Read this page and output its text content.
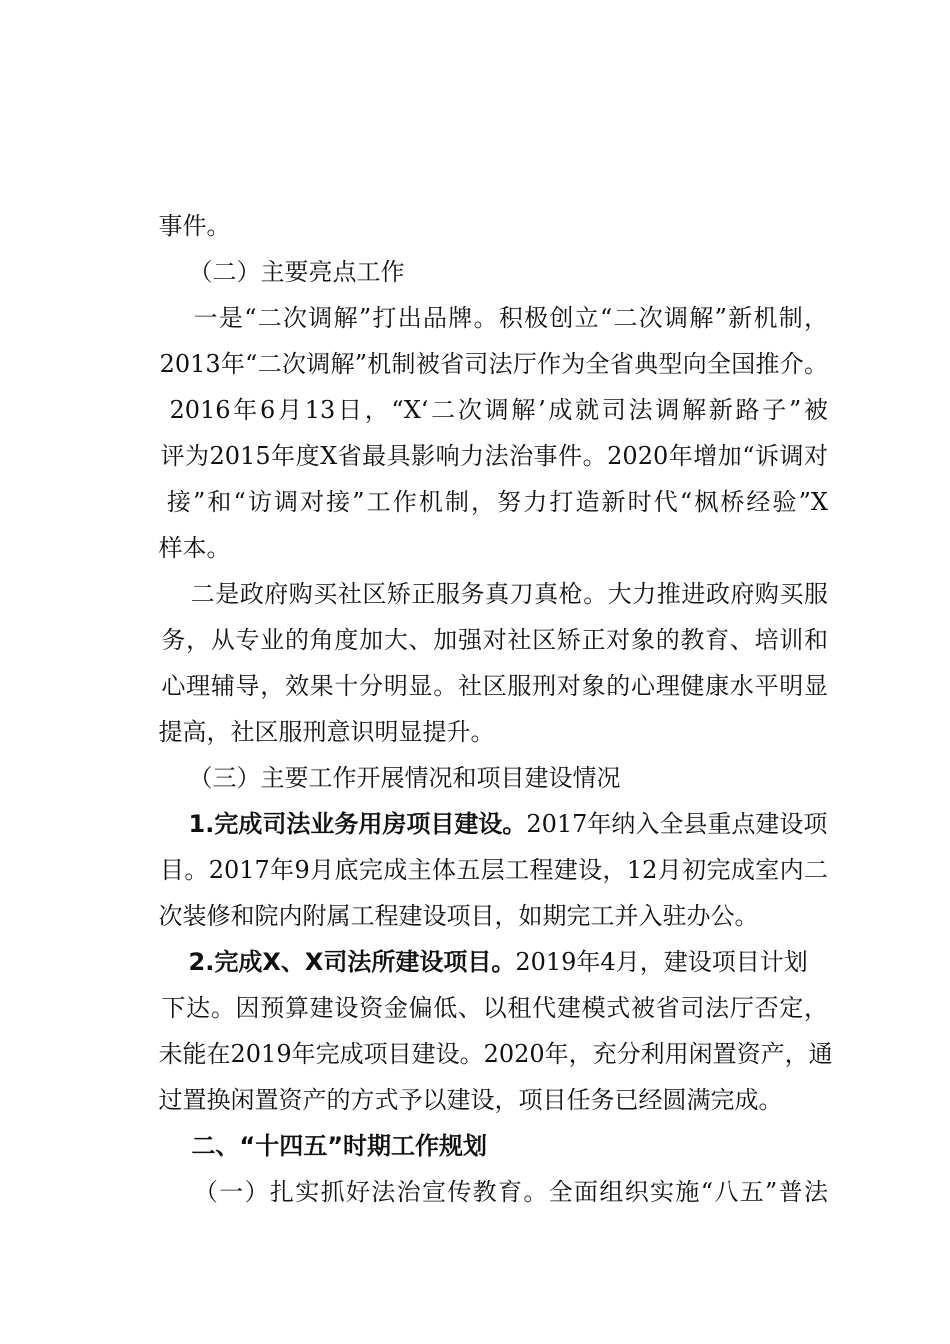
事件。

（二）主要亮点工作

一是“二次调解”打出品牌。积极创立“二次调解”新机制，

2013年“二次调解”机制被省司法厅作为全省典型向全国推介。

2016年6月13日，“X‘二次调解’成就司法调解新路子”被

评为2015年度X省最具影响力法治事件。2020年增加“诉调对

接”和“访调对接”工作机制，努力打造新时代“枫桥经验”X

样本。

二是政府购买社区矫正服务真刀真枪。大力推进政府购买服

务，从专业的角度加大、加强对社区矫正对象的教育、培训和

心理辅导，效果十分明显。社区服刑对象的心理健康水平明显

提高，社区服刑意识明显提升。

（三）主要工作开展情况和项目建设情况

1.完成司法业务用房项目建设。2017年纳入全县重点建设项

目。2017年9月底完成主体五层工程建设，12月初完成室内二

次装修和院内附属工程建设项目，如期完工并入驻办公。

2.完成X、X司法所建设项目。2019年4月，建设项目计划

下达。因预算建设资金偏低、以租代建模式被省司法厅否定，

未能在2019年完成项目建设。2020年，充分利用闲置资产，通

过置换闲置资产的方式予以建设，项目任务已经圆满完成。

二、“十四五”时期工作规划

（一）扎实抓好法治宣传教育。全面组织实施“八五”普法
